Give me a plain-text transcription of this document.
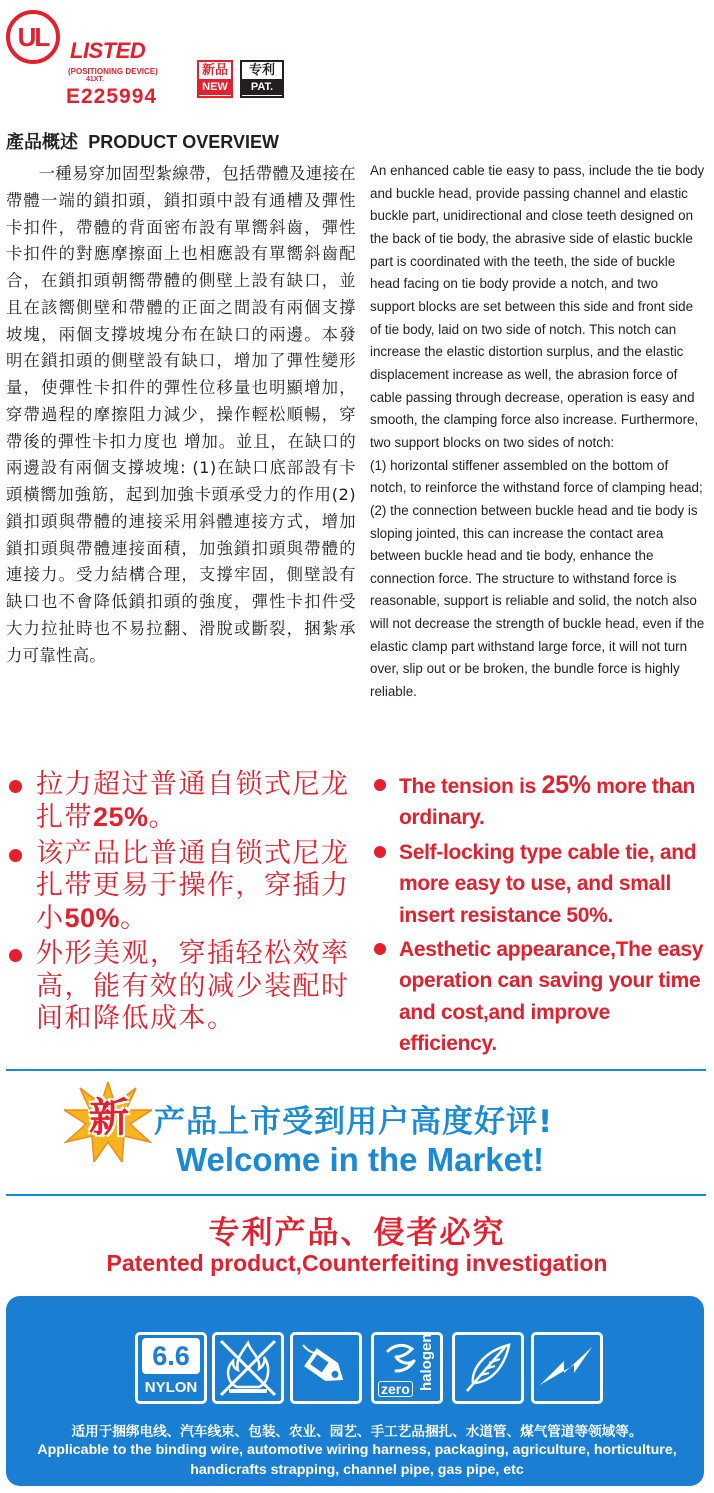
UL LISTED
(POSITIONING DEVICE)
41XT.
E225994
新品
NEW
专利
PAT.
產品概述 PRODUCT OVERVIEW
一種易穿加固型紮線帶，包括帶體及連接在帶體一端的鎖扣頭，鎖扣頭中設有通槽及彈性卡扣件，帶體的背面密布設有單嚮斜齒，彈性卡扣件的對應摩擦面上也相應設有單嚮斜齒配合，在鎖扣頭朝嚮帶體的側壁上設有缺口，並且在該嚮側壁和帶體的正面之間設有兩個支撐坡塊，兩個支撐坡塊分布在缺口的兩邊。本發明在鎖扣頭的側壁設有缺口，增加了彈性變形量，使彈性卡扣件的彈性位移量也明顯增加，穿帶過程的摩擦阻力減少，操作輕松順暢，穿帶後的彈性卡扣力度也 增加。並且，在缺口的兩邊設有兩個支撐坡塊: (1)在缺口底部設有卡頭橫嚮加強筋，起到加強卡頭承受力的作用(2)鎖扣頭與帶體的連接采用斜體連接方式，增加鎖扣頭與帶體連接面積，加強鎖扣頭與帶體的連接力。受力結構合理，支撐牢固，側壁設有缺口也不會降低鎖扣頭的強度，彈性卡扣件受大力拉扯時也不易拉翻、滑脫或斷裂，捆紮承力可靠性高。

An enhanced cable tie easy to pass, include the tie body and buckle head, provide passing channel and elastic buckle part, unidirectional and close teeth designed on the back of tie body, the abrasive side of elastic buckle part is coordinated with the teeth, the side of buckle head facing on tie body provide a notch, and two support blocks are set between this side and front side of tie body, laid on two side of notch. This notch can increase the elastic distortion surplus, and the elastic displacement increase as well, the abrasion force of cable passing through decrease, operation is easy and smooth, the clamping force also increase. Furthermore, two support blocks on two sides of notch:

(1) horizontal stiffener assembled on the bottom of notch, to reinforce the withstand force of clamping head;

(2) the connection between buckle head and tie body is sloping jointed, this can increase the contact area between buckle head and tie body, enhance the connection force. The structure to withstand force is reasonable, support is reliable and solid, the notch also will not decrease the strength of buckle head, even if the elastic clamp part withstand large force, it will not turn over, slip out or be broken, the bundle force is highly reliable.

拉力超过普通自锁式尼龙扎带25%。
该产品比普通自锁式尼龙扎带更易于操作，穿插力小50%。
外形美观，穿插轻松效率高，能有效的减少装配时间和降低成本。
The tension is 25% more than ordinary.
Self-locking type cable tie, and more easy to use, and small insert resistance 50%.
Aesthetic appearance,The easy operation can saving your time and cost,and improve efficiency.
新 产品上市受到用户高度好评!
Welcome in the Market!
专利产品、侵者必究
Patented product,Counterfeiting investigation
6.6
NYLON	zero halogen
适用于捆绑电线、汽车线束、包装、农业、园艺、手工艺品捆扎、水道管、煤气管道等领域等。
Applicable to the binding wire, automotive wiring harness, packaging, agriculture, horticulture,
handicrafts strapping, channel pipe, gas pipe, etc
